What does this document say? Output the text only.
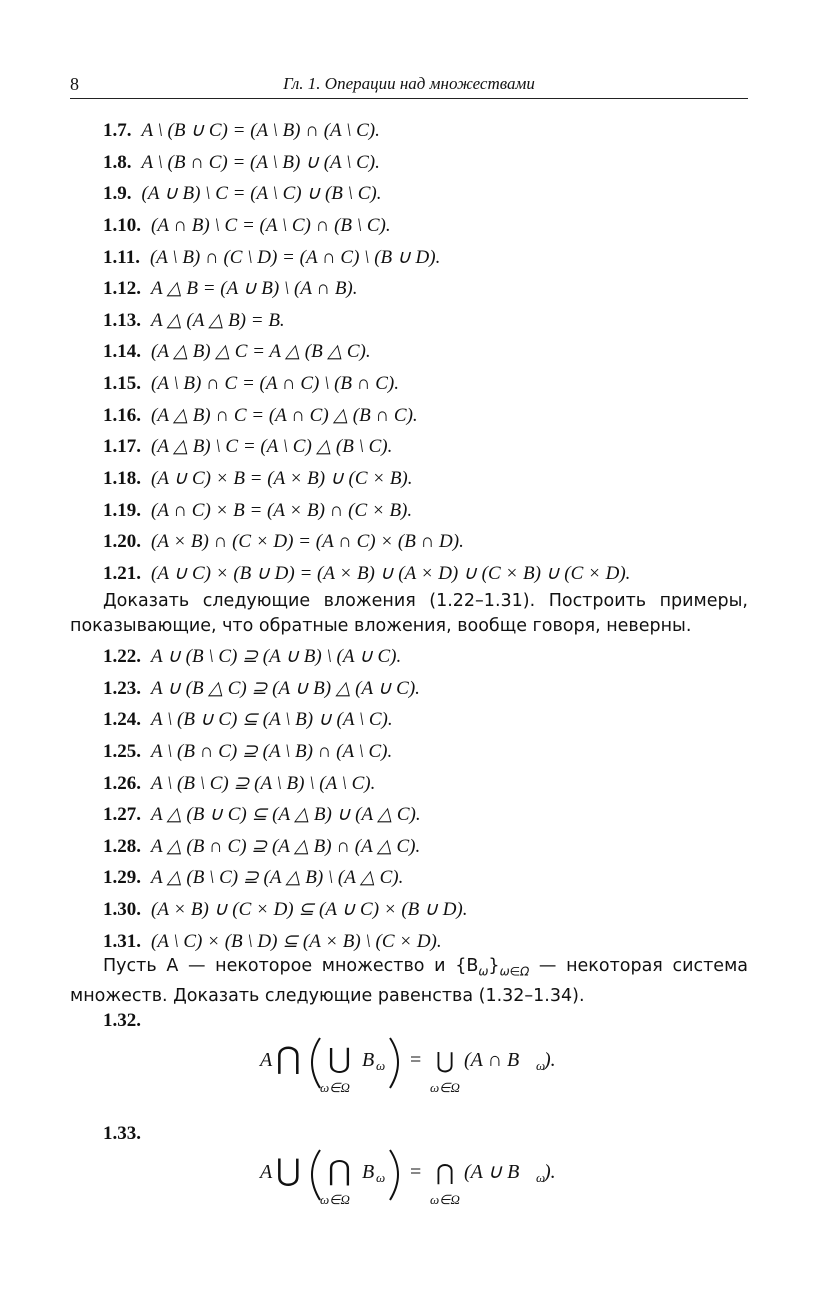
8	Гл. 1. Операции над множествами
1.7. A \ (B ∪ C) = (A \ B) ∩ (A \ C).
1.8. A \ (B ∩ C) = (A \ B) ∪ (A \ C).
1.9. (A ∪ B) \ C = (A \ C) ∪ (B \ C).
1.10. (A ∩ B) \ C = (A \ C) ∩ (B \ C).
1.11. (A \ B) ∩ (C \ D) = (A ∩ C) \ (B ∪ D).
1.12. A △ B = (A ∪ B) \ (A ∩ B).
1.13. A △ (A △ B) = B.
1.14. (A △ B) △ C = A △ (B △ C).
1.15. (A \ B) ∩ C = (A ∩ C) \ (B ∩ C).
1.16. (A △ B) ∩ C = (A ∩ C) △ (B ∩ C).
1.17. (A △ B) \ C = (A \ C) △ (B \ C).
1.18. (A ∪ C) × B = (A × B) ∪ (C × B).
1.19. (A ∩ C) × B = (A × B) ∩ (C × B).
1.20. (A × B) ∩ (C × D) = (A ∩ C) × (B ∩ D).
1.21. (A ∪ C) × (B ∪ D) = (A × B) ∪ (A × D) ∪ (C × B) ∪ (C × D).
Доказать следующие вложения (1.22–1.31). Построить примеры, показывающие, что обратные вложения, вообще говоря, неверны.
1.22. A ∪ (B \ C) ⊇ (A ∪ B) \ (A ∪ C).
1.23. A ∪ (B △ C) ⊇ (A ∪ B) △ (A ∪ C).
1.24. A \ (B ∪ C) ⊆ (A \ B) ∪ (A \ C).
1.25. A \ (B ∩ C) ⊇ (A \ B) ∩ (A \ C).
1.26. A \ (B \ C) ⊇ (A \ B) \ (A \ C).
1.27. A △ (B ∪ C) ⊆ (A △ B) ∪ (A △ C).
1.28. A △ (B ∩ C) ⊇ (A △ B) ∩ (A △ C).
1.29. A △ (B \ C) ⊇ (A △ B) \ (A △ C).
1.30. (A × B) ∪ (C × D) ⊆ (A ∪ C) × (B ∪ D).
1.31. (A \ C) × (B \ D) ⊆ (A × B) \ (C × D).
Пусть A — некоторое множество и $\{B_\omega\}_{\omega\in\Omega}$ — некоторая система множеств. Доказать следующие равенства (1.32–1.34).
1.32.
A ⋂ ⋃
ω∈Ω
B ω = ⋃
ω∈Ω
(A ∩ B ω
).
1.33.
A ⋃ ⋂
ω∈Ω
B ω = ⋂
ω∈Ω
(A ∪ B ω
).
